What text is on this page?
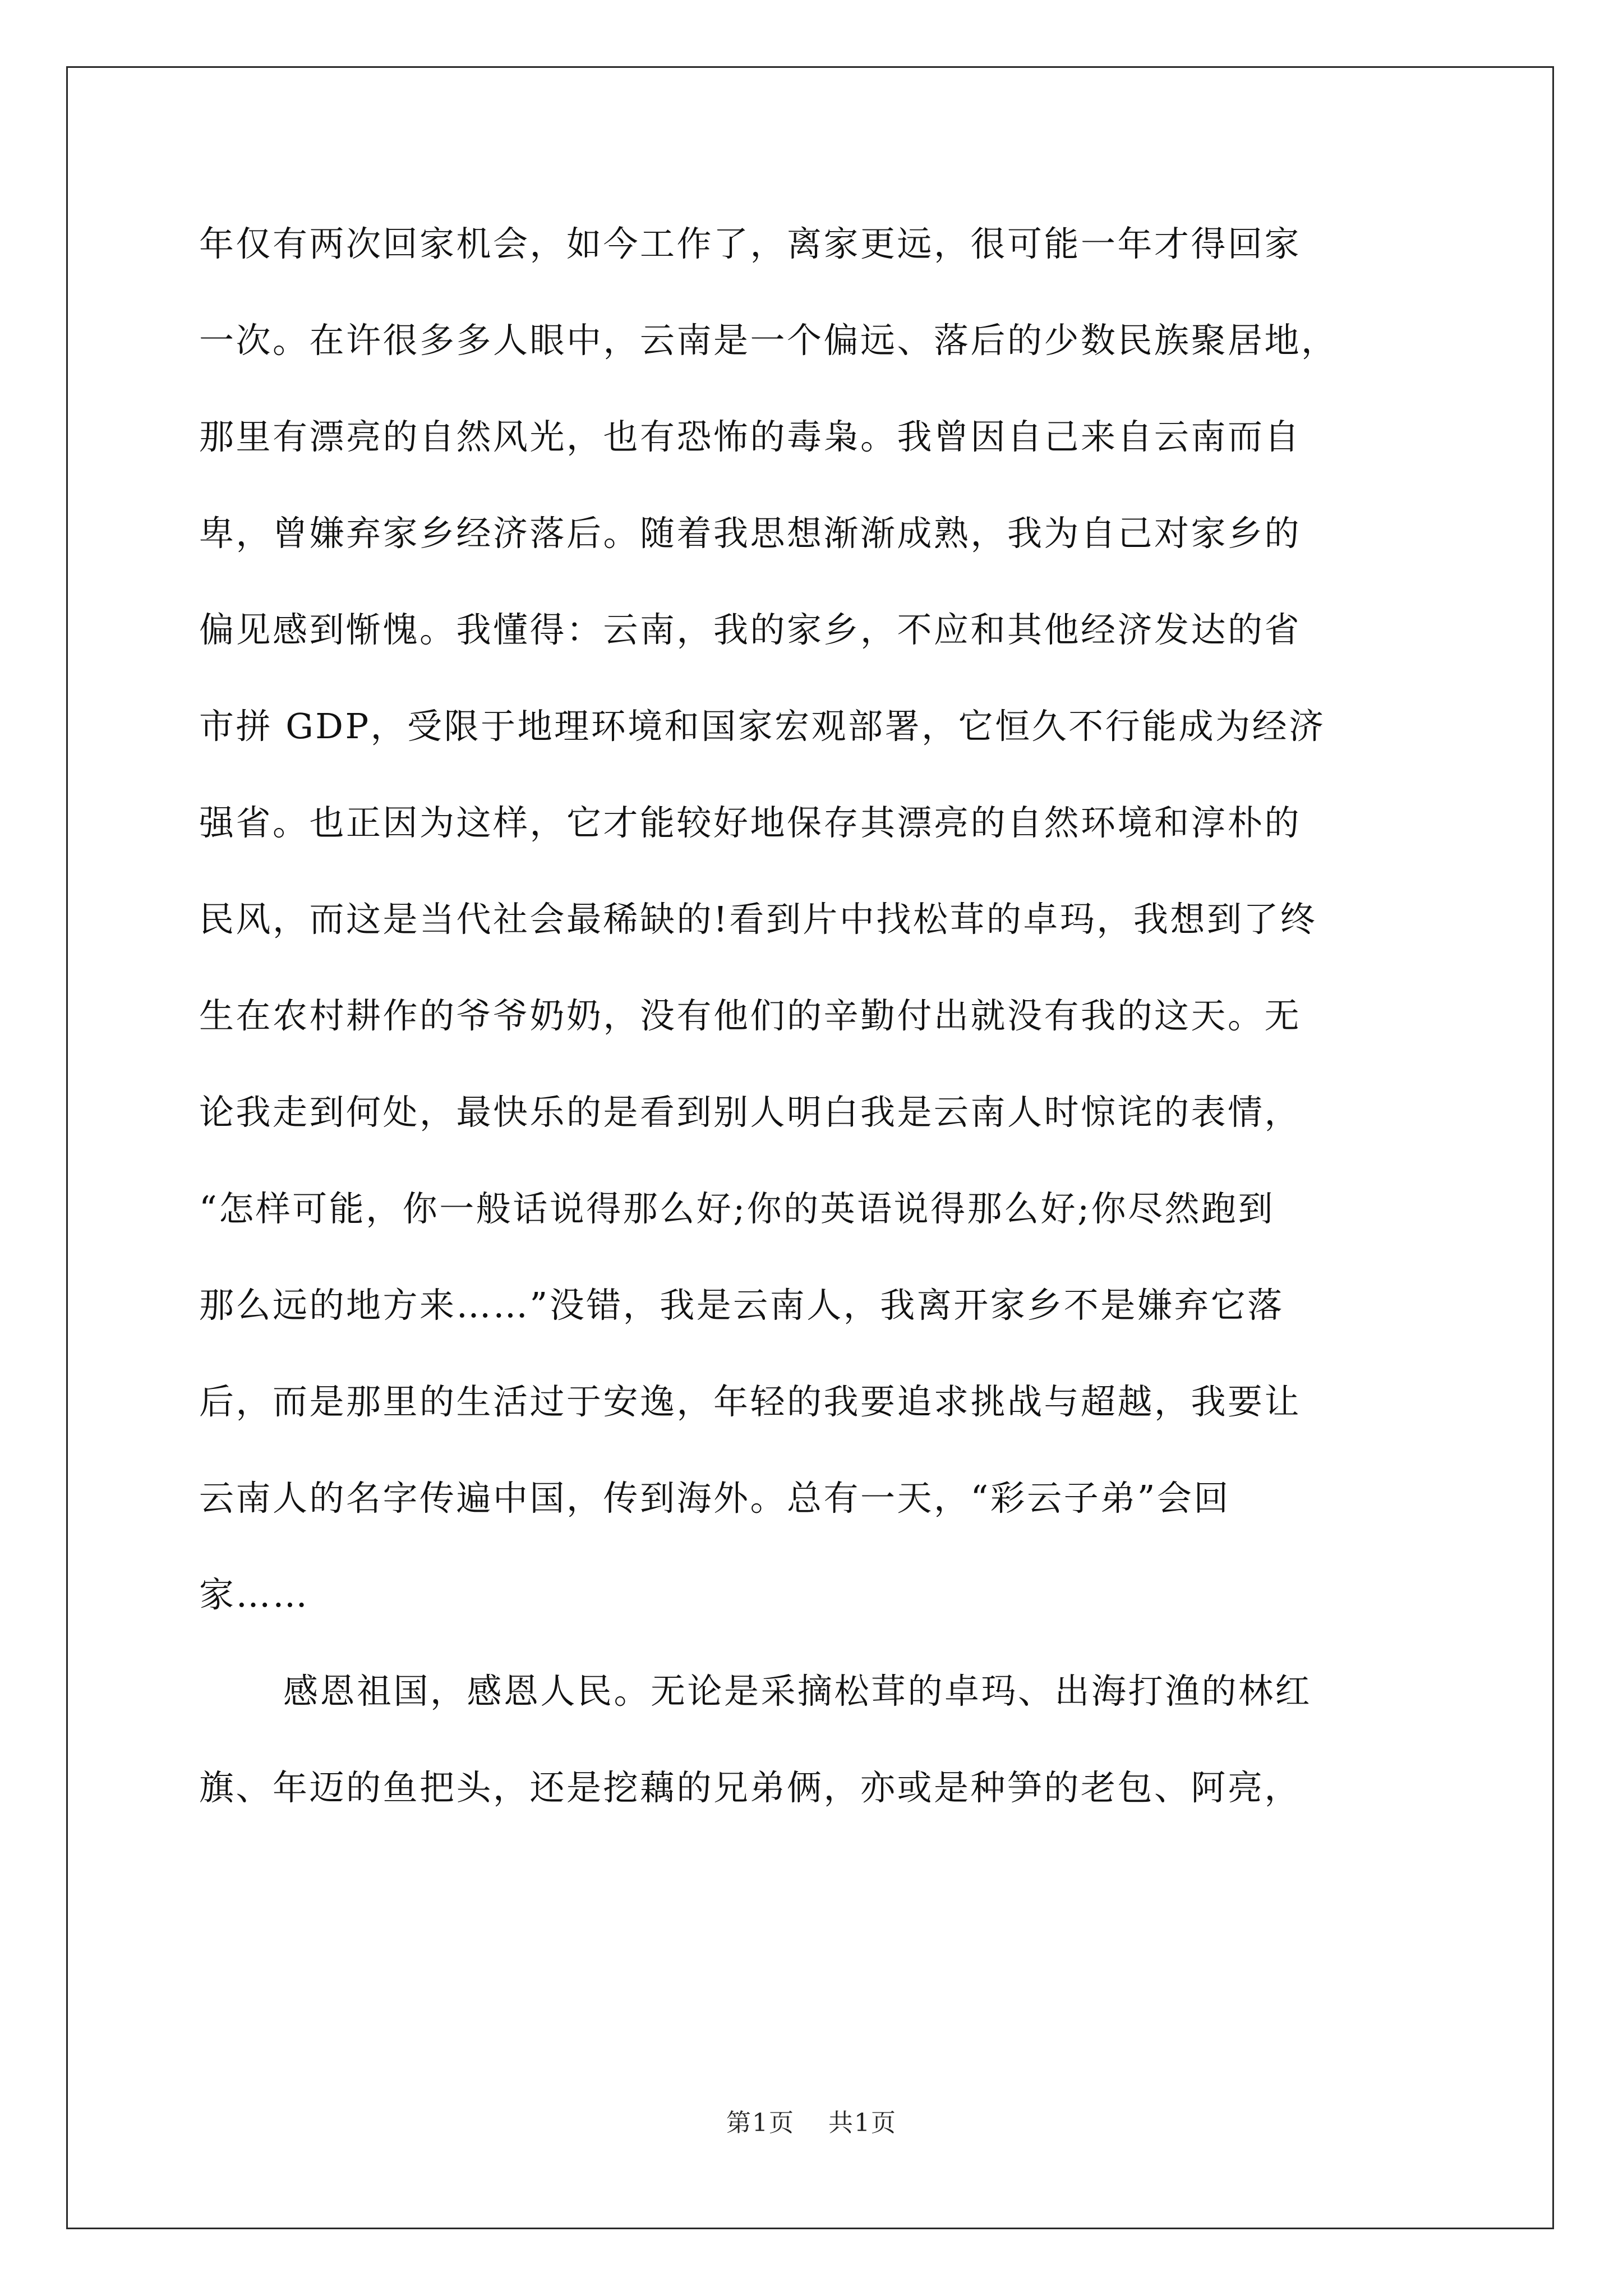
年仅有两次回家机会，如今工作了，离家更远，很可能一年才得回家
一次。在许很多多人眼中，云南是一个偏远、落后的少数民族聚居地，
那里有漂亮的自然风光，也有恐怖的毒枭。我曾因自己来自云南而自
卑，曾嫌弃家乡经济落后。随着我思想渐渐成熟，我为自己对家乡的
偏见感到惭愧。我懂得：云南，我的家乡，不应和其他经济发达的省
市拼 GDP，受限于地理环境和国家宏观部署，它恒久不行能成为经济
强省。也正因为这样，它才能较好地保存其漂亮的自然环境和淳朴的
民风，而这是当代社会最稀缺的!看到片中找松茸的卓玛，我想到了终
生在农村耕作的爷爷奶奶，没有他们的辛勤付出就没有我的这天。无
论我走到何处，最快乐的是看到别人明白我是云南人时惊诧的表情，
“怎样可能，你一般话说得那么好;你的英语说得那么好;你尽然跑到
那么远的地方来……”没错，我是云南人，我离开家乡不是嫌弃它落
后，而是那里的生活过于安逸，年轻的我要追求挑战与超越，我要让
云南人的名字传遍中国，传到海外。总有一天，“彩云子弟”会回
家……
感恩祖国，感恩人民。无论是采摘松茸的卓玛、出海打渔的林红
旗、年迈的鱼把头，还是挖藕的兄弟俩，亦或是种笋的老包、阿亮，
第1页 共1页
